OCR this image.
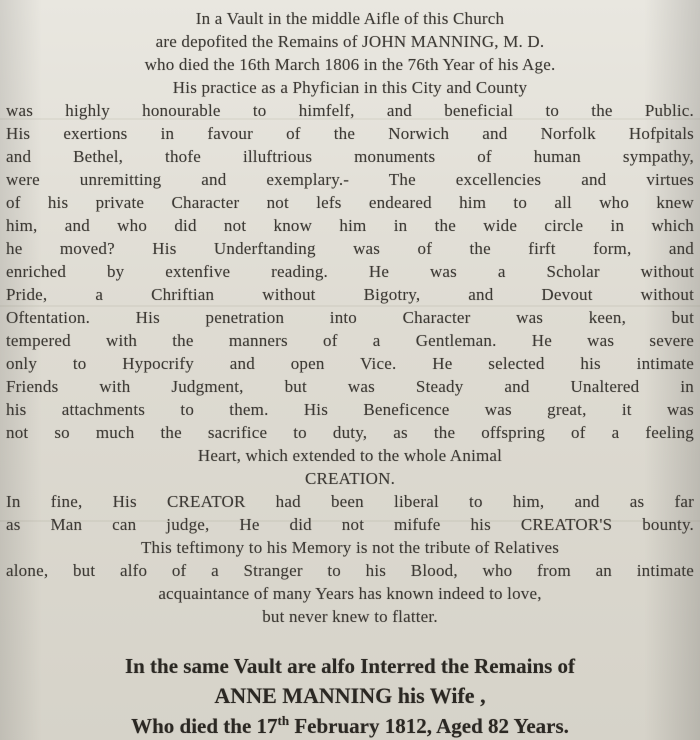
In a Vault in the middle Aifle of this Church
are depofited the Remains of JOHN MANNING, M. D.
who died the 16th March 1806 in the 76th Year of his Age.
His practice as a Phyfician in this City and County
was highly honourable to himfelf, and beneficial to the Public.
His exertions in favour of the Norwich and Norfolk Hofpitals
and Bethel, thofe illuftrious monuments of human sympathy,
were unremitting and exemplary.- The excellencies and virtues
of his private Character not lefs endeared him to all who knew
him, and who did not know him in the wide circle in which
he moved? His Underftanding was of the firft form, and
enriched by extenfive reading. He was a Scholar without
Pride, a Chriftian without Bigotry, and Devout without
Oftentation. His penetration into Character was keen, but
tempered with the manners of a Gentleman. He was severe
only to Hypocrify and open Vice. He selected his intimate
Friends with Judgment, but was Steady and Unaltered in
his attachments to them. His Beneficence was great, it was
not so much the sacrifice to duty, as the offspring of a feeling
Heart, which extended to the whole Animal
CREATION.
In fine, His CREATOR had been liberal to him, and as far
as Man can judge, He did not mifufe his CREATOR'S bounty.
This teftimony to his Memory is not the tribute of Relatives
alone, but alfo of a Stranger to his Blood, who from an intimate
acquaintance of many Years has known indeed to love,
but never knew to flatter.
In the same Vault are alfo Interred the Remains of
ANNE MANNING his Wife ,
Who died the 17th February 1812, Aged 82 Years.
